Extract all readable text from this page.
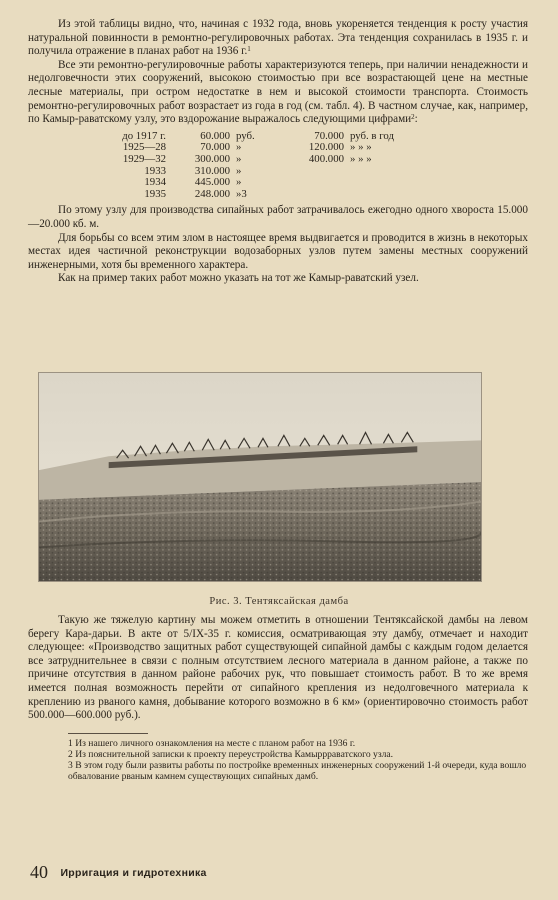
Из этой таблицы видно, что, начиная с 1932 года, вновь укореняется тенденция к росту участия натуральной повинности в ремонтно-регулировочных работах. Эта тенденция сохранилась в 1935 г. и получила отражение в планах работ на 1936 г.$^1$

Все эти ремонтно-регулировочные работы характеризуются теперь, при наличии ненадежности и недолговечности этих сооружений, высокою стоимостью при все возрастающей цене на местные лесные материалы, при остром недостатке в нем и высокой стоимости транспорта. Стоимость ремонтно-регулировочных работ возрастает из года в год (см. табл. 4). В частном случае, как, например, по Камыр-раватскому узлу, это вздорожание выражалось следующими цифрами$^2$:

до 1917 г.	60.000	руб.	70.000	руб. в год
1925—28	70.000	»	120.000	» » »
1929—32	300.000	»	400.000	» » »
1933	310.000	»		
1934	445.000	»		
1935	248.000	»3		

По этому узлу для производства сипайных работ затрачивалось ежегодно одного хвороста 15.000—20.000 кб. м.

Для борьбы со всем этим злом в настоящее время выдвигается и проводится в жизнь в некоторых местах идея частичной реконструкции водозаборных узлов путем замены местных сооружений инженерными, хотя бы временного характера.

Как на пример таких работ можно указать на тот же Камыр-раватский узел.

Рис. 3. Тентяксайская дамба

Такую же тяжелую картину мы можем отметить в отношении Тентяксайской дамбы на левом берегу Кара-дарьи. В акте от 5/IX-35 г. комиссия, осматривающая эту дамбу, отмечает и находит следующее: «Производство защитных работ существующей сипайной дамбы с каждым годом делается все затруднительнее в связи с полным отсутствием лесного материала в данном районе, а также по причине отсутствия в данном районе рабочих рук, что повышает стоимость работ. В то же время имеется полная возможность перейти от сипайного крепления из недолговечного материала к креплению из рваного камня, добывание которого возможно в 6 км» (ориентировочно стоимость работ 500.000—600.000 руб.).

1 Из нашего личного ознакомления на месте с планом работ на 1936 г.

2 Из пояснительной записки к проекту переустройства Камыррраватского узла.

3 В этом году были развиты работы по постройке временных инженерных сооружений 1-й очереди, куда вошло обвалование рваным камнем существующих сипайных дамб.

40 Ирригация и гидротехника
